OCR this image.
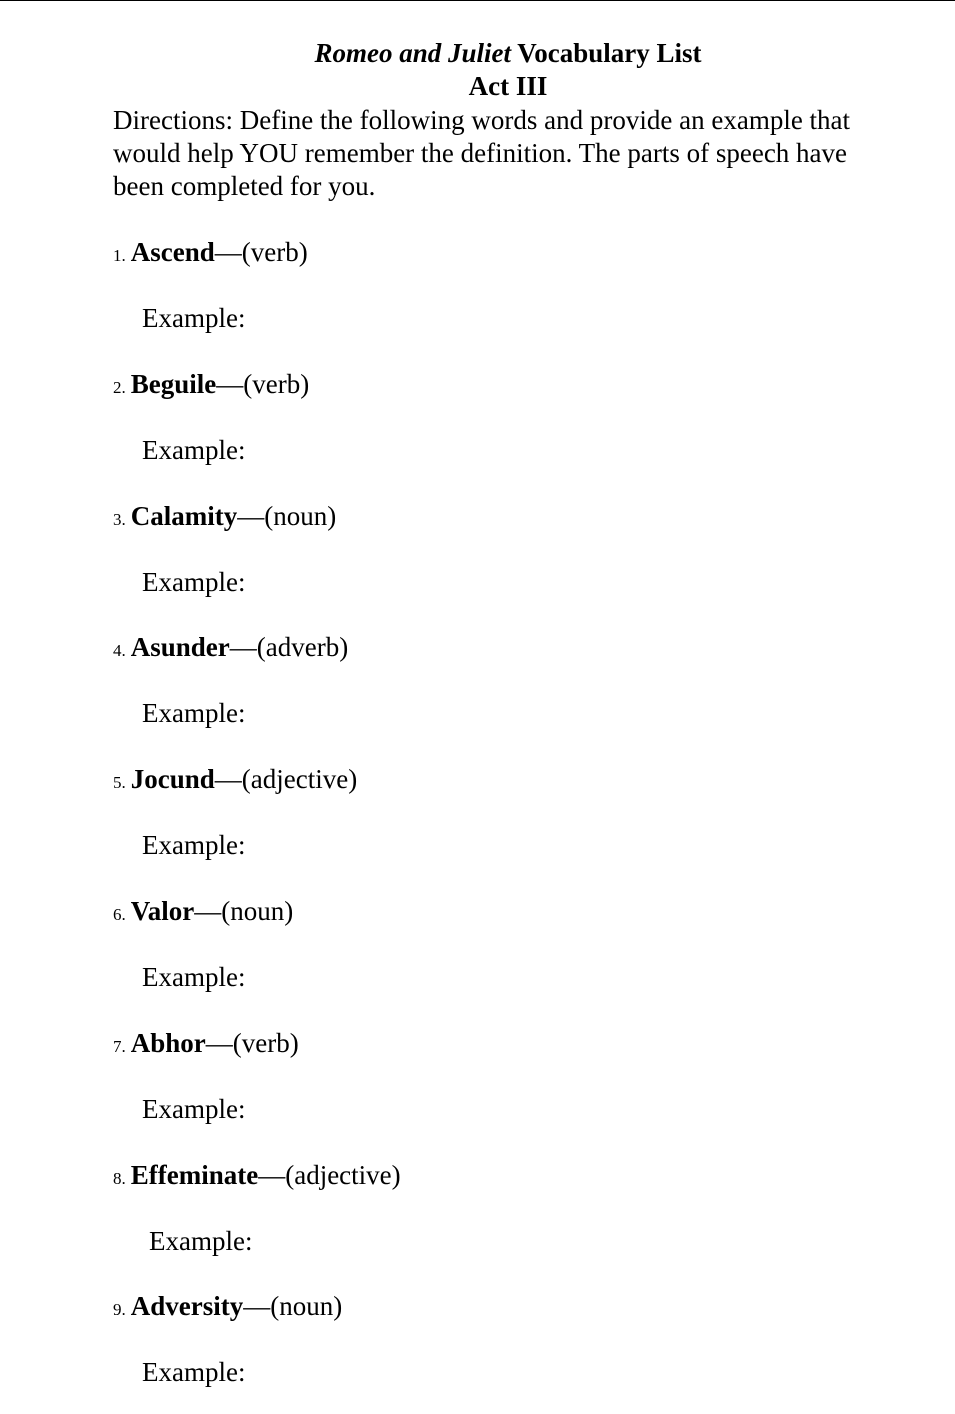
Romeo and Juliet Vocabulary List
Act III
Directions: Define the following words and provide an example that would help YOU remember the definition. The parts of speech have been completed for you.
1. Ascend—(verb)
Example:
2. Beguile—(verb)
Example:
3. Calamity—(noun)
Example:
4. Asunder—(adverb)
Example:
5. Jocund—(adjective)
Example:
6. Valor—(noun)
Example:
7. Abhor—(verb)
Example:
8. Effeminate—(adjective)
Example:
9. Adversity—(noun)
Example:
